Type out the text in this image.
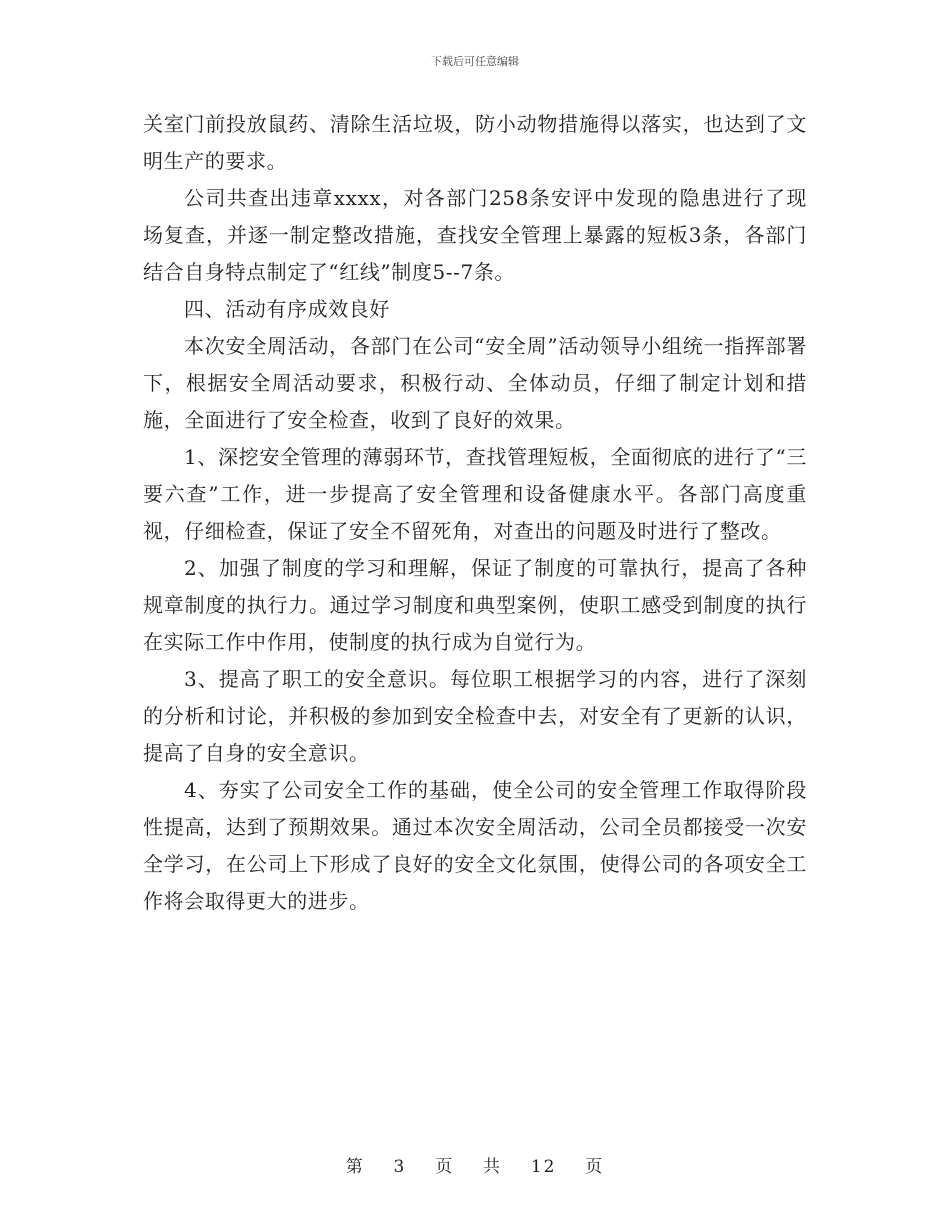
下载后可任意编辑

关室门前投放鼠药、清除生活垃圾，防小动物措施得以落实，也达到了文明生产的要求。

公司共查出违章xxxx，对各部门258条安评中发现的隐患进行了现场复查，并逐一制定整改措施，查找安全管理上暴露的短板3条，各部门结合自身特点制定了“红线”制度5--7条。

四、活动有序成效良好

本次安全周活动，各部门在公司“安全周”活动领导小组统一指挥部署下，根据安全周活动要求，积极行动、全体动员，仔细了制定计划和措施，全面进行了安全检查，收到了良好的效果。

1、深挖安全管理的薄弱环节，查找管理短板，全面彻底的进行了“三要六查”工作，进一步提高了安全管理和设备健康水平。各部门高度重视，仔细检查，保证了安全不留死角，对查出的问题及时进行了整改。

2、加强了制度的学习和理解，保证了制度的可靠执行，提高了各种规章制度的执行力。通过学习制度和典型案例，使职工感受到制度的执行在实际工作中作用，使制度的执行成为自觉行为。

3、提高了职工的安全意识。每位职工根据学习的内容，进行了深刻的分析和讨论，并积极的参加到安全检查中去，对安全有了更新的认识，提高了自身的安全意识。

4、夯实了公司安全工作的基础，使全公司的安全管理工作取得阶段性提高，达到了预期效果。通过本次安全周活动，公司全员都接受一次安全学习，在公司上下形成了良好的安全文化氛围，使得公司的各项安全工作将会取得更大的进步。

第 3 页 共 12 页
